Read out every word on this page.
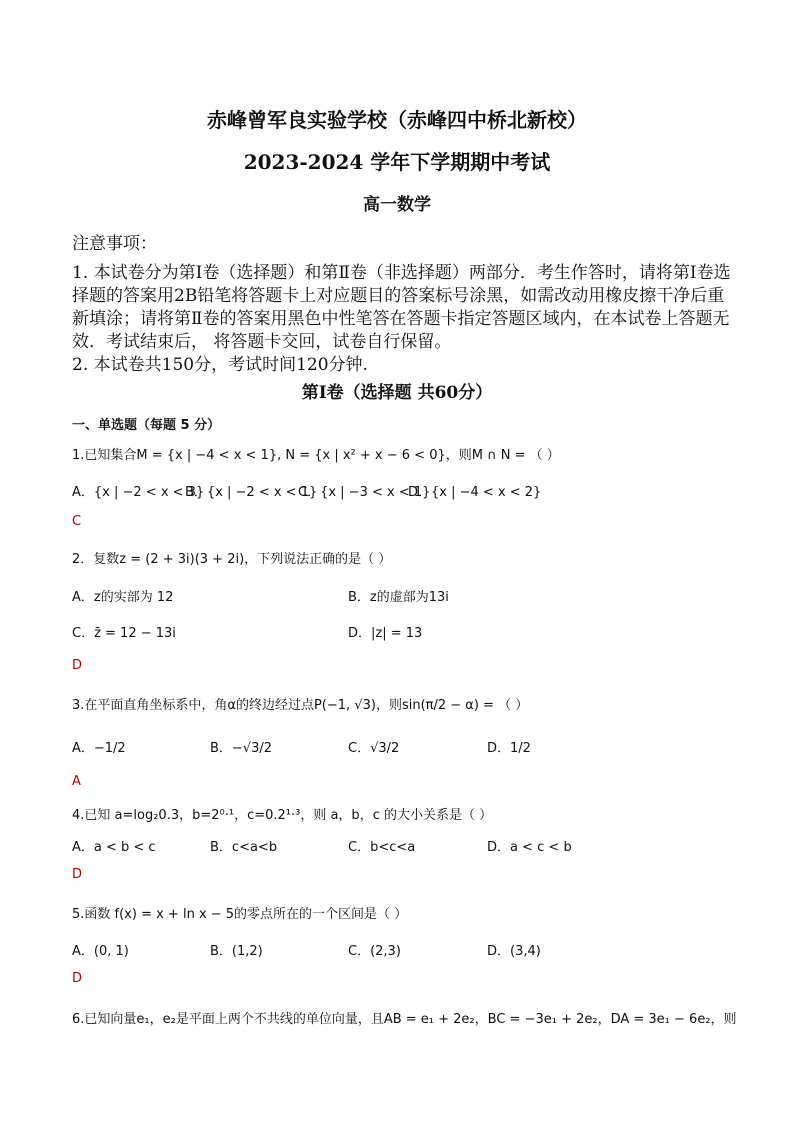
赤峰曾军良实验学校（赤峰四中桥北新校）
2023-2024 学年下学期期中考试
高一数学
注意事项：
1. 本试卷分为第Ⅰ卷（选择题）和第Ⅱ卷（非选择题）两部分．考生作答时，请将第Ⅰ卷选择题的答案用2B铅笔将答题卡上对应题目的答案标号涂黑，如需改动用橡皮擦干净后重新填涂；请将第Ⅱ卷的答案用黑色中性笔答在答题卡指定答题区域内，在本试卷上答题无效．考试结束后， 将答题卡交回，试卷自行保留。
2. 本试卷共150分，考试时间120分钟.
第Ⅰ卷（选择题 共60分）
一、单选题（每题 5 分）
1.已知集合M = {x | −4 < x < 1}, N = {x | x² + x − 6 < 0}，则M ∩ N = （ ）
A．{x | −2 < x < 3}
B．{x | −2 < x < 1}
C．{x | −3 < x < 1}
D．{x | −4 < x < 2}
C
2．复数z = (2 + 3i)(3 + 2i)，下列说法正确的是（ ）
A．z的实部为 12	B．z的虚部为13i
C．z̄ = 12 − 13i	D．|z| = 13
D
3.在平面直角坐标系中，角α的终边经过点P(−1, √3)，则sin(π/2 − α) = （ ）
A．−1/2	B．−√3/2	C．√3/2	D．1/2
A
4.已知 a=log₂0.3，b=2⁰·¹，c=0.2¹·³，则 a，b，c 的大小关系是（ ）
A．a < b < c	B．c<a<b	C．b<c<a	D．a < c < b
D
5.函数 f(x) = x + ln x − 5的零点所在的一个区间是（ ）
A．(0, 1)	B．(1,2)	C．(2,3)	D．(3,4)
D
6.已知向量e₁，e₂是平面上两个不共线的单位向量，且AB = e₁ + 2e₂，BC = −3e₁ + 2e₂，DA = 3e₁ − 6e₂，则
